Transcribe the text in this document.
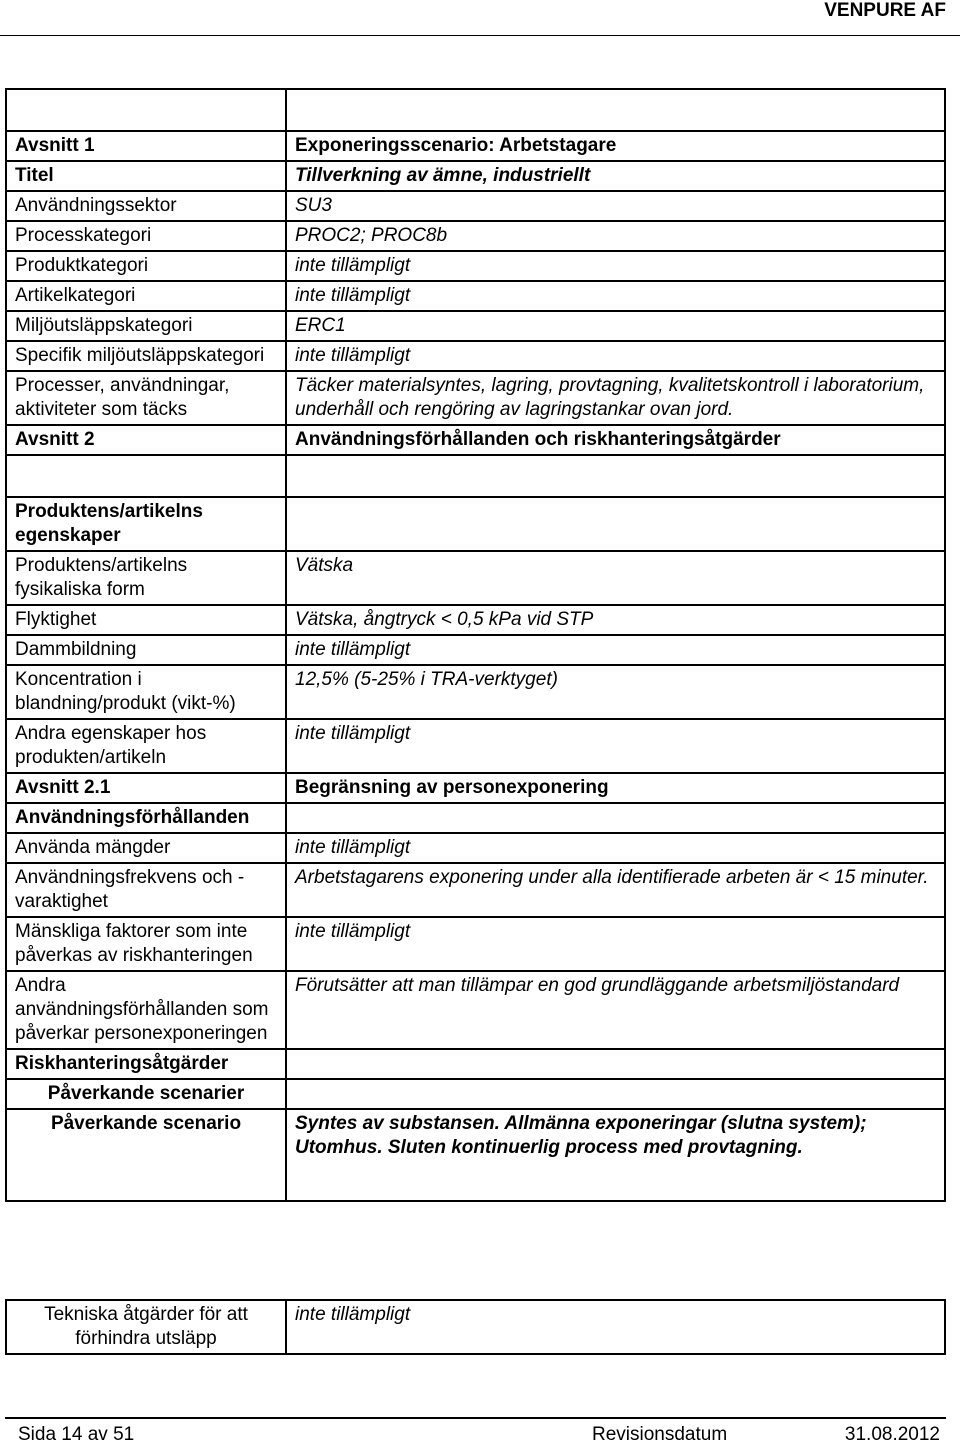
VENPURE AF

Avsnitt 1	Exponeringsscenario: Arbetstagare
Titel	Tillverkning av ämne, industriellt
Användningssektor	SU3
Processkategori	PROC2; PROC8b
Produktkategori	inte tillämpligt
Artikelkategori	inte tillämpligt
Miljöutsläppskategori	ERC1
Specifik miljöutsläppskategori	inte tillämpligt
Processer, användningar, aktiviteter som täcks	Täcker materialsyntes, lagring, provtagning, kvalitetskontroll i laboratorium, underhåll och rengöring av lagringstankar ovan jord.
Avsnitt 2	Användningsförhållanden och riskhanteringsåtgärder

Produktens/artikelns egenskaper	
Produktens/artikelns fysikaliska form	Vätska
Flyktighet	Vätska, ångtryck < 0,5 kPa vid STP
Dammbildning	inte tillämpligt
Koncentration i blandning/produkt (vikt-%)	12,5% (5-25% i TRA-verktyget)
Andra egenskaper hos produkten/artikeln	inte tillämpligt
Avsnitt 2.1	Begränsning av personexponering
Användningsförhållanden	
Använda mängder	inte tillämpligt
Användningsfrekvens och -varaktighet	Arbetstagarens exponering under alla identifierade arbeten är < 15 minuter.
Mänskliga faktorer som inte påverkas av riskhanteringen	inte tillämpligt
Andra användningsförhållanden som påverkar personexponeringen	Förutsätter att man tillämpar en god grundläggande arbetsmiljöstandard
Riskhanteringsåtgärder	
Påverkande scenarier	
Påverkande scenario	Syntes av substansen. Allmänna exponeringar (slutna system); Utomhus. Sluten kontinuerlig process med provtagning.
Tekniska åtgärder för att förhindra utsläpp	inte tillämpligt
Sida 14 av 51	Revisionsdatum	31.08.2012
